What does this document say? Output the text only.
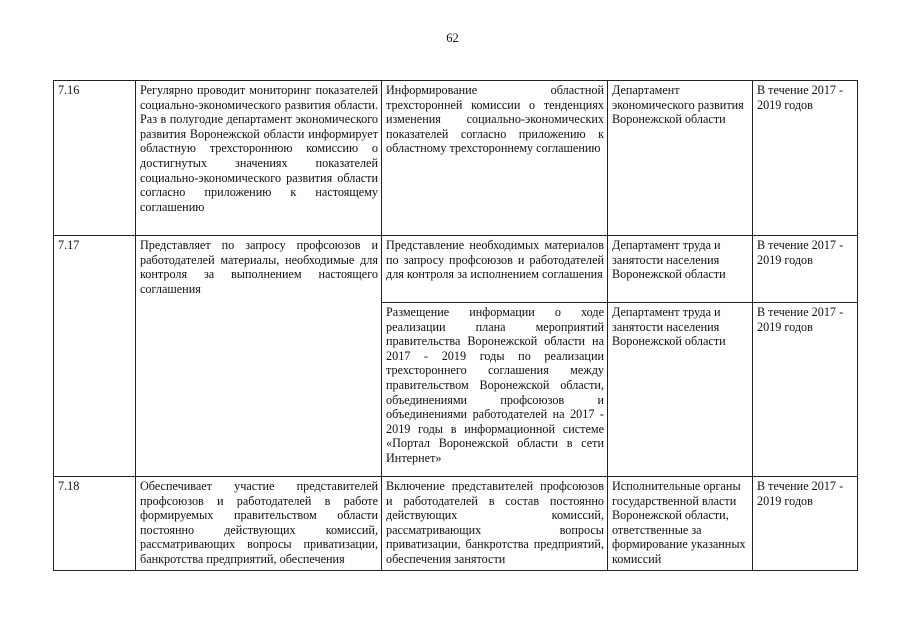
62
7.16	Регулярно проводит мониторинг показателей социально-экономического развития области. Раз в полугодие департамент экономического развития Воронежской области информирует областную трехстороннюю комиссию о достигнутых значениях показателей социально-экономического развития области согласно приложению к настоящему соглашению	Информирование областной трехсторонней комиссии о тенденциях изменения социально-экономических показателей согласно приложению к областному трехстороннему соглашению	Департамент экономического развития Воронежской области	В течение 2017 - 2019 годов
7.17	Представляет по запросу профсоюзов и работодателей материалы, необходимые для контроля за выполнением настоящего соглашения	Представление необходимых материалов по запросу профсоюзов и работодателей для контроля за исполнением соглашения	Департамент труда и занятости населения Воронежской области	В течение 2017 - 2019 годов
		Размещение информации о ходе реализации плана мероприятий правительства Воронежской области на 2017 - 2019 годы по реализации трехстороннего соглашения между правительством Воронежской области, объединениями профсоюзов и объединениями работодателей на 2017 - 2019 годы в информационной системе «Портал Воронежской области в сети Интернет»	Департамент труда и занятости населения Воронежской области	В течение 2017 - 2019 годов
7.18	Обеспечивает участие представителей профсоюзов и работодателей в работе формируемых правительством области постоянно действующих комиссий, рассматривающих вопросы приватизации, банкротства предприятий, обеспечения	Включение представителей профсоюзов и работодателей в состав постоянно действующих комиссий, рассматривающих вопросы приватизации, банкротства предприятий, обеспечения занятости	Исполнительные органы государственной власти Воронежской области, ответственные за формирование указанных комиссий	В течение 2017 - 2019 годов
